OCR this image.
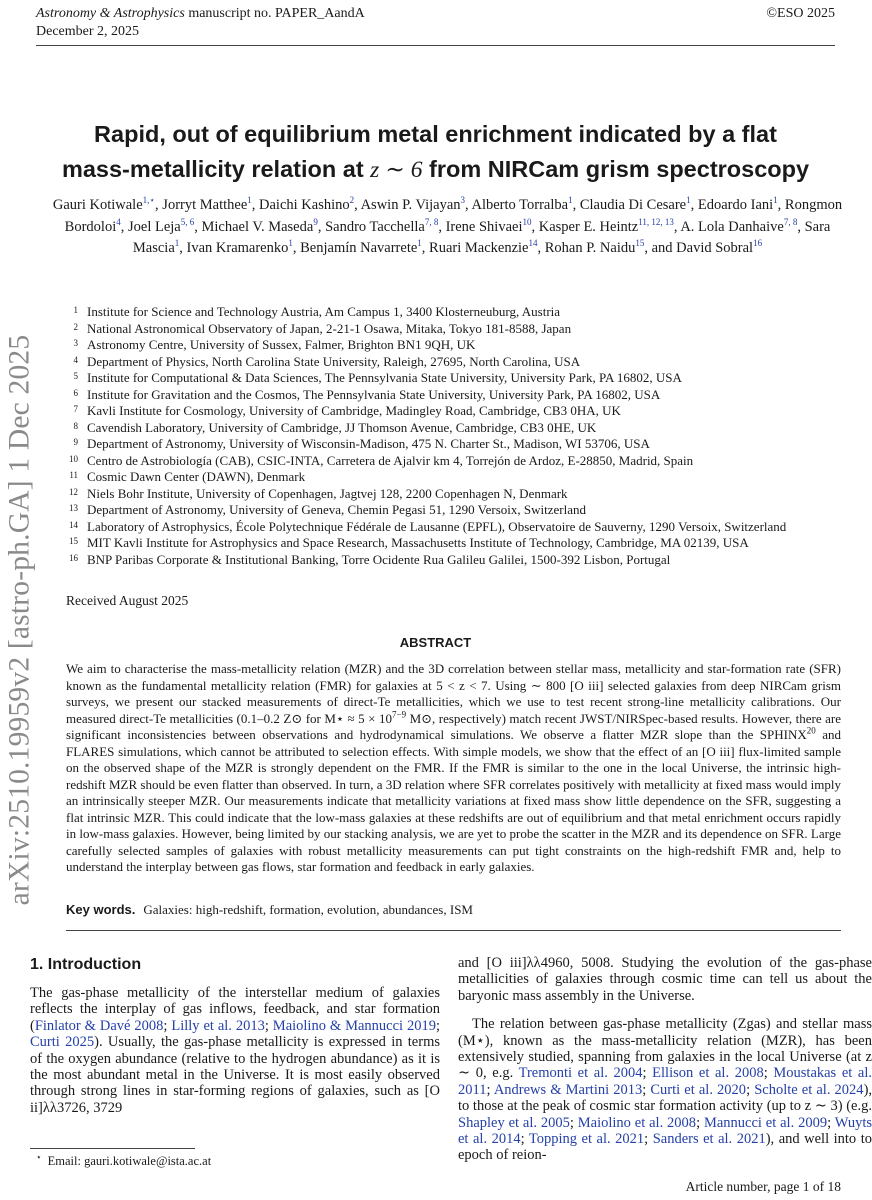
Astronomy & Astrophysics manuscript no. PAPER_AandA
December 2, 2025
©ESO 2025
arXiv:2510.19959v2 [astro-ph.GA] 1 Dec 2025
Rapid, out of equilibrium metal enrichment indicated by a flat
mass-metallicity relation at z ∼ 6 from NIRCam grism spectroscopy
Gauri Kotiwale$^{1,⋆}$, Jorryt Matthee$^1$, Daichi Kashino$^2$, Aswin P. Vijayan$^3$, Alberto Torralba$^1$, Claudia Di Cesare$^1$, Edoardo Iani$^1$, Rongmon Bordoloi$^4$, Joel Leja$^{5, 6}$, Michael V. Maseda$^9$, Sandro Tacchella$^{7, 8}$, Irene Shivaei$^{10}$, Kasper E. Heintz$^{11, 12, 13}$, A. Lola Danhaive$^{7, 8}$, Sara Mascia$^1$, Ivan Kramarenko$^1$, Benjamín Navarrete$^1$, Ruari Mackenzie$^{14}$, Rohan P. Naidu$^{15}$, and David Sobral$^{16}$
1 Institute for Science and Technology Austria, Am Campus 1, 3400 Klosterneuburg, Austria
2 National Astronomical Observatory of Japan, 2-21-1 Osawa, Mitaka, Tokyo 181-8588, Japan
3 Astronomy Centre, University of Sussex, Falmer, Brighton BN1 9QH, UK
4 Department of Physics, North Carolina State University, Raleigh, 27695, North Carolina, USA
5 Institute for Computational & Data Sciences, The Pennsylvania State University, University Park, PA 16802, USA
6 Institute for Gravitation and the Cosmos, The Pennsylvania State University, University Park, PA 16802, USA
7 Kavli Institute for Cosmology, University of Cambridge, Madingley Road, Cambridge, CB3 0HA, UK
8 Cavendish Laboratory, University of Cambridge, JJ Thomson Avenue, Cambridge, CB3 0HE, UK
9 Department of Astronomy, University of Wisconsin-Madison, 475 N. Charter St., Madison, WI 53706, USA
10 Centro de Astrobiología (CAB), CSIC-INTA, Carretera de Ajalvir km 4, Torrejón de Ardoz, E-28850, Madrid, Spain
11 Cosmic Dawn Center (DAWN), Denmark
12 Niels Bohr Institute, University of Copenhagen, Jagtvej 128, 2200 Copenhagen N, Denmark
13 Department of Astronomy, University of Geneva, Chemin Pegasi 51, 1290 Versoix, Switzerland
14 Laboratory of Astrophysics, École Polytechnique Fédérale de Lausanne (EPFL), Observatoire de Sauverny, 1290 Versoix, Switzerland
15 MIT Kavli Institute for Astrophysics and Space Research, Massachusetts Institute of Technology, Cambridge, MA 02139, USA
16 BNP Paribas Corporate & Institutional Banking, Torre Ocidente Rua Galileu Galilei, 1500-392 Lisbon, Portugal
Received August 2025
ABSTRACT

We aim to characterise the mass-metallicity relation (MZR) and the 3D correlation between stellar mass, metallicity and star-formation rate (SFR) known as the fundamental metallicity relation (FMR) for galaxies at 5 < z < 7. Using ∼ 800 [O iii] selected galaxies from deep NIRCam grism surveys, we present our stacked measurements of direct-Te metallicities, which we use to test recent strong-line metallicity calibrations. Our measured direct-Te metallicities (0.1–0.2 Z⊙ for M⋆ ≈ $5 \times 10^{7-9}$ M⊙, respectively) match recent JWST/NIRSpec-based results. However, there are significant inconsistencies between observations and hydrodynamical simulations. We observe a flatter MZR slope than the SPHINX$^{20}$ and FLARES simulations, which cannot be attributed to selection effects. With simple models, we show that the effect of an [O iii] flux-limited sample on the observed shape of the MZR is strongly dependent on the FMR. If the FMR is similar to the one in the local Universe, the intrinsic high-redshift MZR should be even flatter than observed. In turn, a 3D relation where SFR correlates positively with metallicity at fixed mass would imply an intrinsically steeper MZR. Our measurements indicate that metallicity variations at fixed mass show little dependence on the SFR, suggesting a flat intrinsic MZR. This could indicate that the low-mass galaxies at these redshifts are out of equilibrium and that metal enrichment occurs rapidly in low-mass galaxies. However, being limited by our stacking analysis, we are yet to probe the scatter in the MZR and its dependence on SFR. Large carefully selected samples of galaxies with robust metallicity measurements can put tight constraints on the high-redshift FMR and, help to understand the interplay between gas flows, star formation and feedback in early galaxies.

Key words. Galaxies: high-redshift, formation, evolution, abundances, ISM

1. Introduction

The gas-phase metallicity of the interstellar medium of galaxies reflects the interplay of gas inflows, feedback, and star formation (Finlator & Davé 2008; Lilly et al. 2013; Maiolino & Mannucci 2019; Curti 2025). Usually, the gas-phase metallicity is expressed in terms of the oxygen abundance (relative to the hydrogen abundance) as it is the most abundant metal in the Universe. It is most easily observed through strong lines in star-forming regions of galaxies, such as [O ii]λλ3726, 3729

and [O iii]λλ4960, 5008. Studying the evolution of the gas-phase metallicities of galaxies through cosmic time can tell us about the baryonic mass assembly in the Universe.

The relation between gas-phase metallicity (Zgas) and stellar mass (M⋆), known as the mass-metallicity relation (MZR), has been extensively studied, spanning from galaxies in the local Universe (at z ∼ 0, e.g. Tremonti et al. 2004; Ellison et al. 2008; Moustakas et al. 2011; Andrews & Martini 2013; Curti et al. 2020; Scholte et al. 2024), to those at the peak of cosmic star formation activity (up to z ∼ 3) (e.g. Shapley et al. 2005; Maiolino et al. 2008; Mannucci et al. 2009; Wuyts et al. 2014; Topping et al. 2021; Sanders et al. 2021), and well into to epoch of reion-

⋆ Email: gauri.kotiwale@ista.ac.at
Article number, page 1 of 18
